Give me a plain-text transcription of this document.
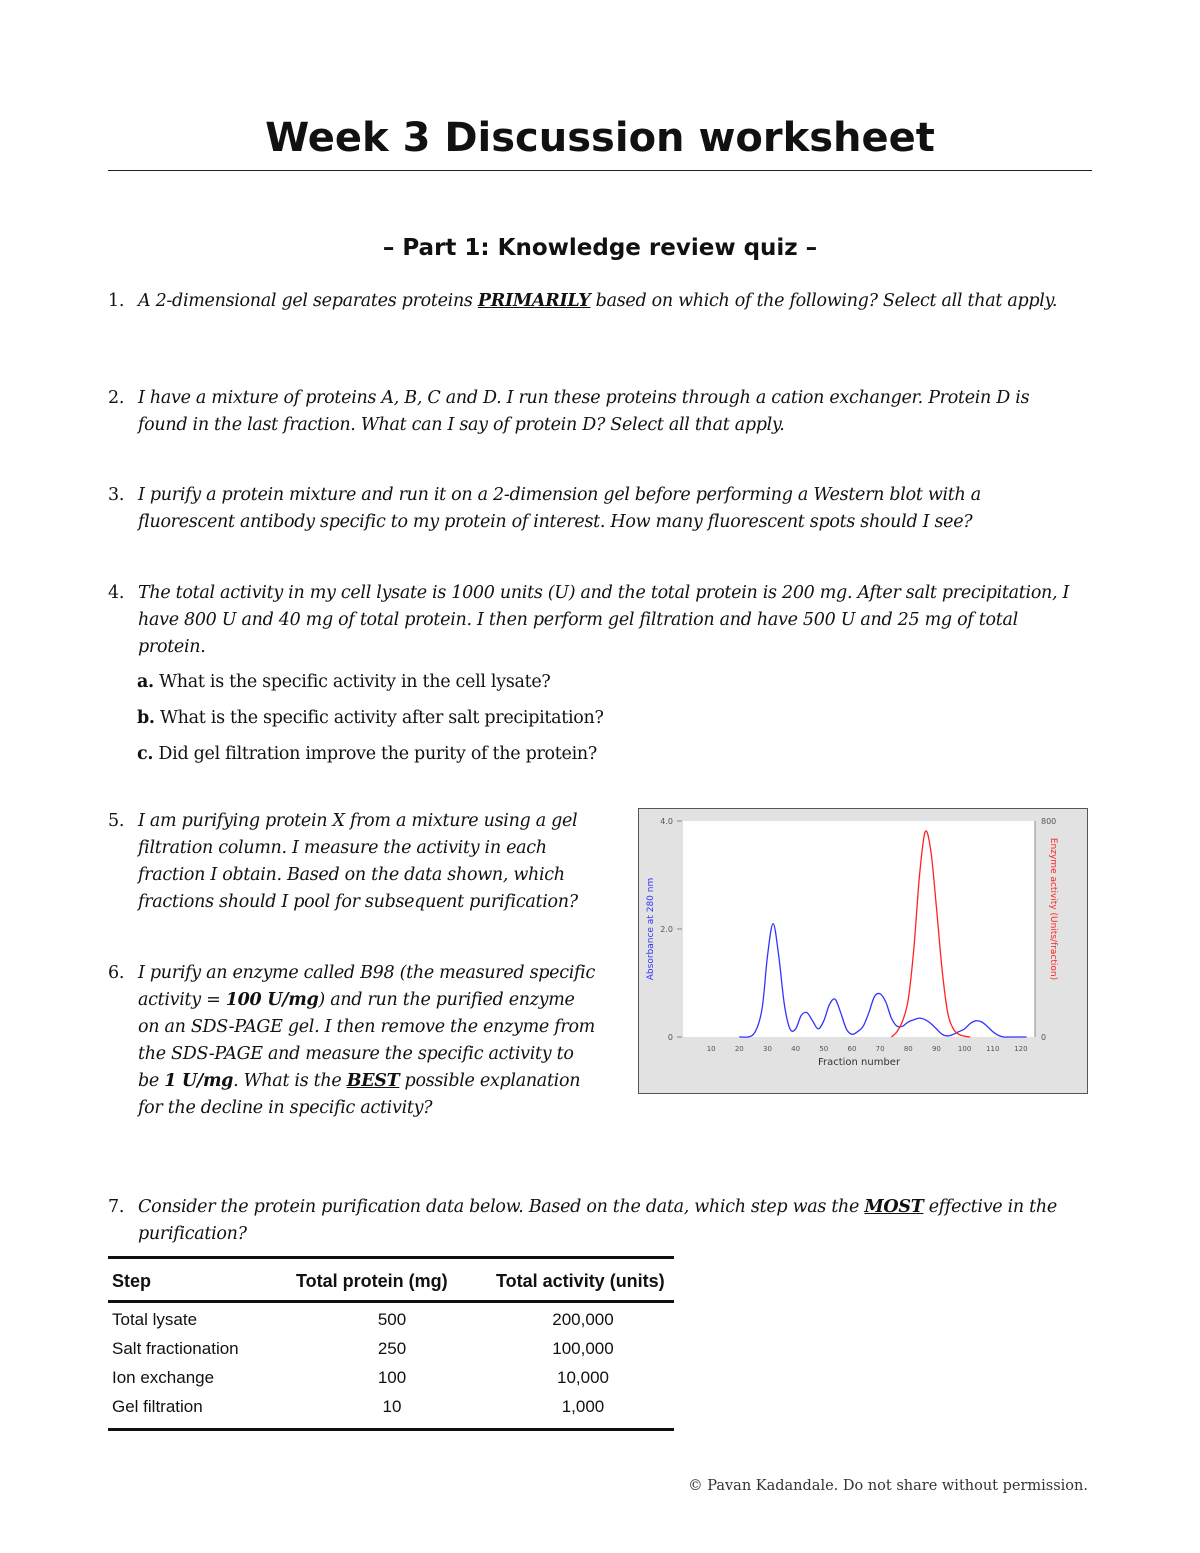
Week 3 Discussion worksheet
– Part 1: Knowledge review quiz –
1. A 2-dimensional gel separates proteins PRIMARILY based on which of the following? Select all that apply.
2. I have a mixture of proteins A, B, C and D. I run these proteins through a cation exchanger. Protein D is found in the last fraction. What can I say of protein D? Select all that apply.
3. I purify a protein mixture and run it on a 2-dimension gel before performing a Western blot with a fluorescent antibody specific to my protein of interest. How many fluorescent spots should I see?
4. The total activity in my cell lysate is 1000 units (U) and the total protein is 200 mg. After salt precipitation, I have 800 U and 40 mg of total protein. I then perform gel filtration and have 500 U and 25 mg of total protein.
a. What is the specific activity in the cell lysate?
b. What is the specific activity after salt precipitation?
c. Did gel filtration improve the purity of the protein?
5. I am purifying protein X from a mixture using a gel filtration column. I measure the activity in each fraction I obtain. Based on the data shown, which fractions should I pool for subsequent purification?
6. I purify an enzyme called B98 (the measured specific activity = 100 U/mg) and run the purified enzyme on an SDS-PAGE gel. I then remove the enzyme from the SDS-PAGE and measure the specific activity to be 1 U/mg. What is the BEST possible explanation for the decline in specific activity?
0
2.0
4.0
0
800
10	20	30	40	50	60	70	80	90 100 110 120
Fraction number
Absorbance at 280 nm	Enzyme activity (Units/fraction)
7. Consider the protein purification data below. Based on the data, which step was the MOST effective in the purification?
Step	Total protein (mg)	Total activity (units)
Total lysate	500	200,000
Salt fractionation	250	100,000
Ion exchange	100	10,000
Gel filtration	10	1,000
© Pavan Kadandale. Do not share without permission.
